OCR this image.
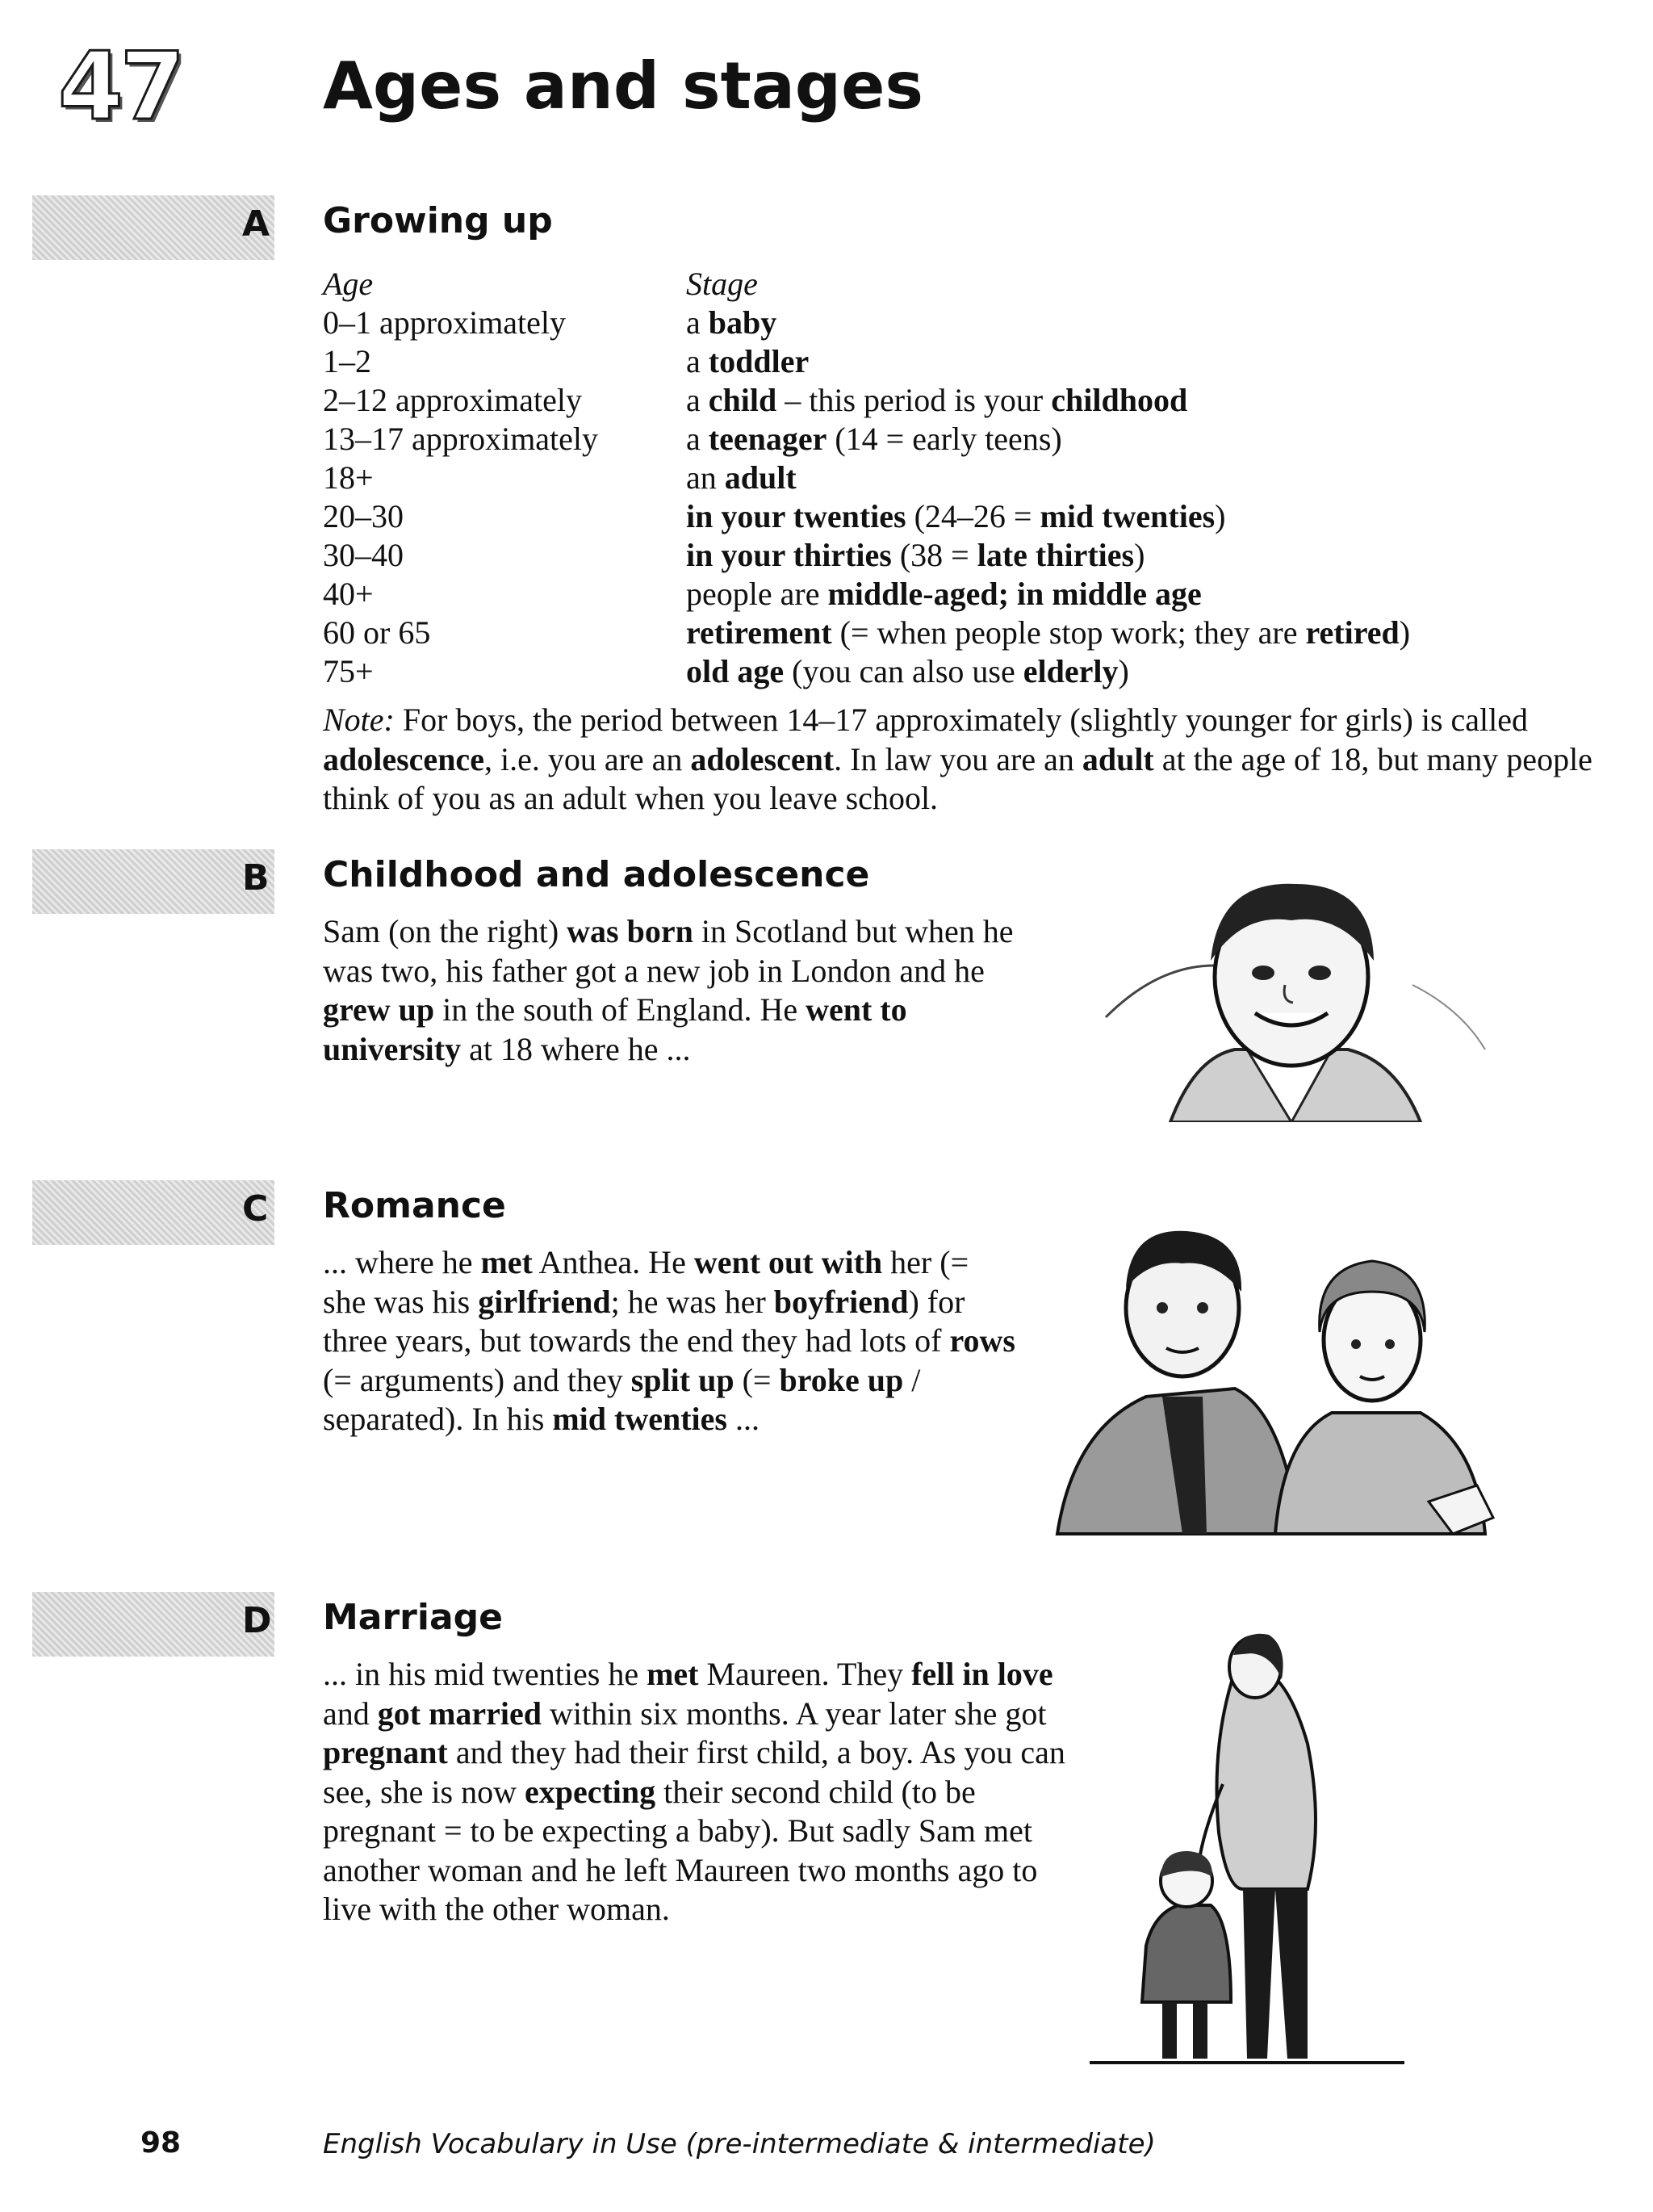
47 Ages and stages
A Growing up
Age	Stage
0–1 approximately	a baby
1–2	a toddler
2–12 approximately	a child – this period is your childhood
13–17 approximately	a teenager (14 = early teens)
18+	an adult
20–30	in your twenties (24–26 = mid twenties)
30–40	in your thirties (38 = late thirties)
40+	people are middle-aged; in middle age
60 or 65	retirement (= when people stop work; they are retired)
75+	old age (you can also use elderly)

Note: For boys, the period between 14–17 approximately (slightly younger for girls) is called adolescence, i.e. you are an adolescent. In law you are an adult at the age of 18, but many people think of you as an adult when you leave school.

B Childhood and adolescence

Sam (on the right) was born in Scotland but when he was two, his father got a new job in London and he grew up in the south of England. He went to university at 18 where he ...

C Romance

... where he met Anthea. He went out with her (= she was his girlfriend; he was her boyfriend) for three years, but towards the end they had lots of rows (= arguments) and they split up (= broke up / separated). In his mid twenties ...

D Marriage

... in his mid twenties he met Maureen. They fell in love and got married within six months. A year later she got pregnant and they had their first child, a boy. As you can see, she is now expecting their second child (to be pregnant = to be expecting a baby). But sadly Sam met another woman and he left Maureen two months ago to live with the other woman.

98	English Vocabulary in Use (pre-intermediate & intermediate)
